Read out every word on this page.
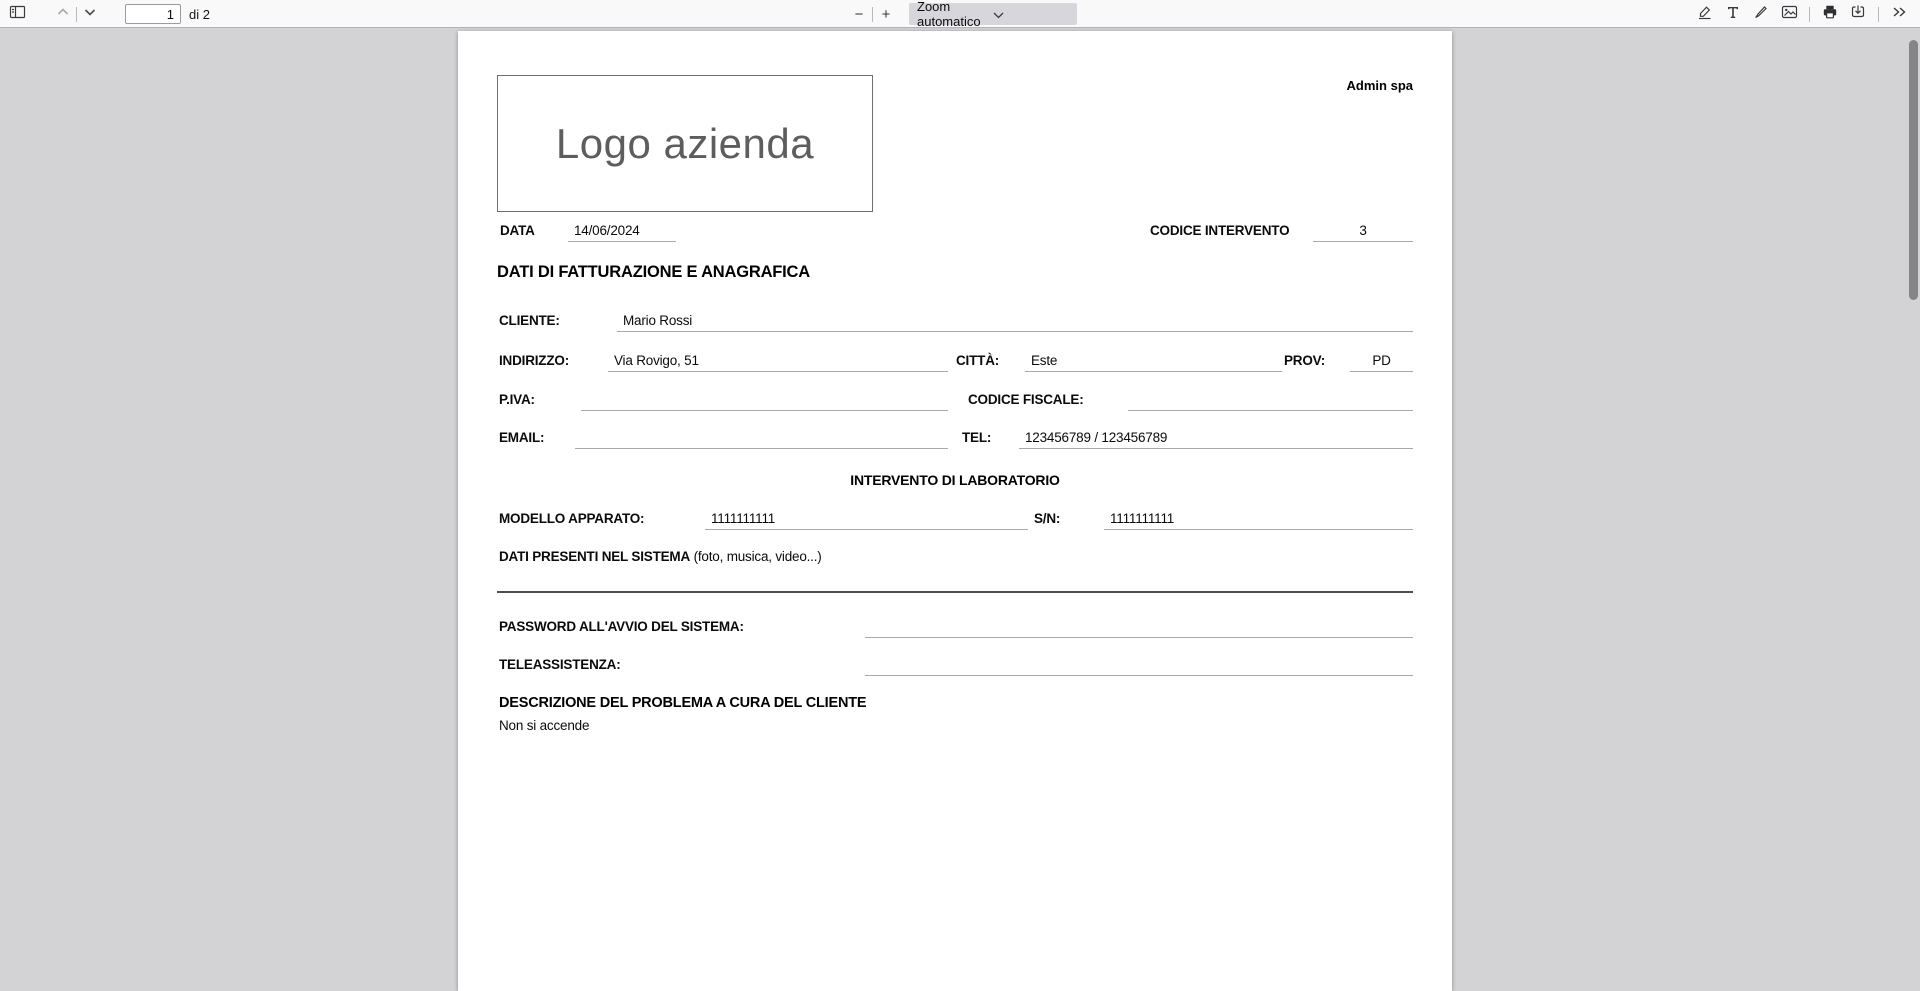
1
di 2	−	+	Zoom automatico
Logo azienda
Admin spa
DATA	14/06/2024	CODICE INTERVENTO	3
DATI DI FATTURAZIONE E ANAGRAFICA
CLIENTE:	Mario Rossi
INDIRIZZO:	Via Rovigo, 51	CITTÀ:	Este	PROV:	PD
P.IVA:	CODICE FISCALE:
EMAIL:	TEL:	123456789 / 123456789
INTERVENTO DI LABORATORIO
MODELLO APPARATO:	1111111111	S/N:	1111111111
DATI PRESENTI NEL SISTEMA (foto, musica, video...)
PASSWORD ALL'AVVIO DEL SISTEMA:
TELEASSISTENZA:
DESCRIZIONE DEL PROBLEMA A CURA DEL CLIENTE
Non si accende
